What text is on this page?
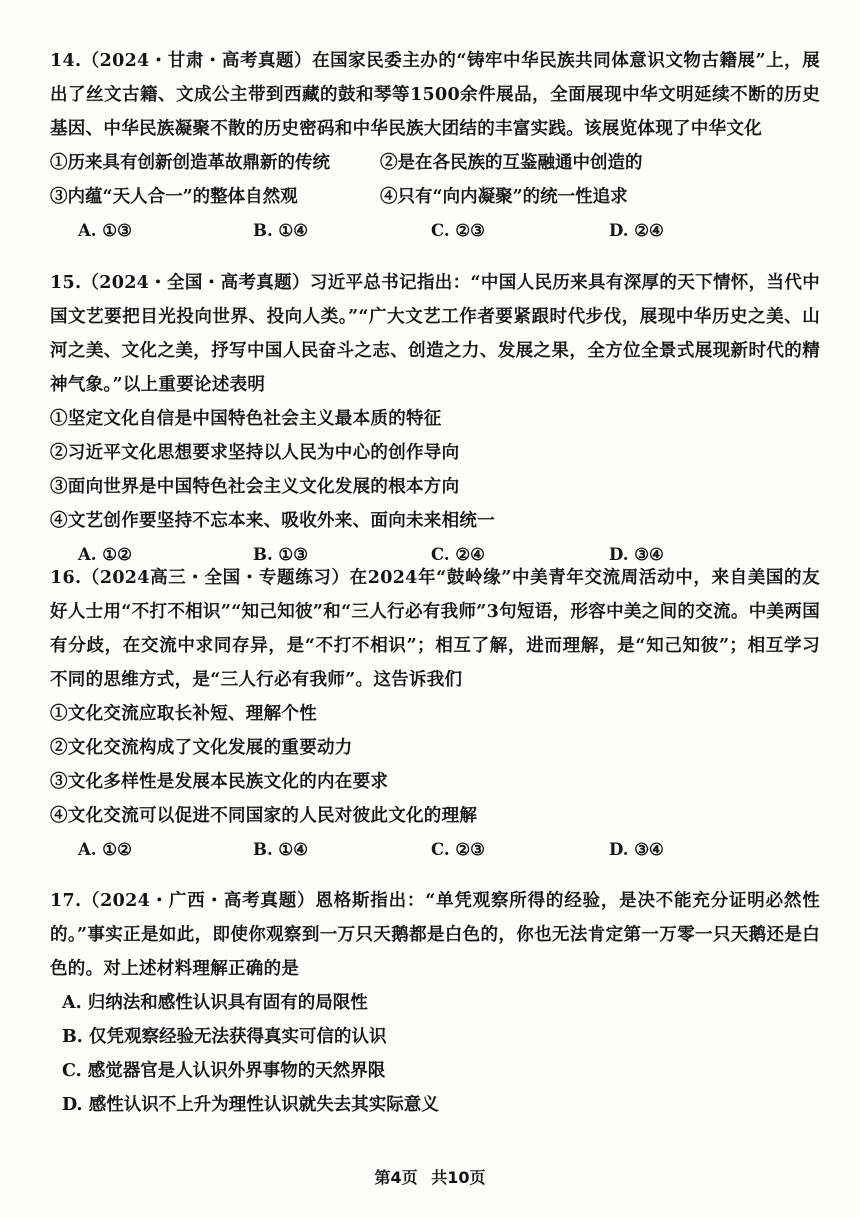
14.（2024・甘肃・高考真题）在国家民委主办的“铸牢中华民族共同体意识文物古籍展”上，展出了丝文古籍、文成公主带到西藏的鼓和琴等1500余件展品，全面展现中华文明延续不断的历史基因、中华民族凝聚不散的历史密码和中华民族大团结的丰富实践。该展览体现了中华文化

①历来具有创新创造革故鼎新的传统	②是在各民族的互鉴融通中创造的
③内蕴“天人合一”的整体自然观	④只有“向内凝聚”的统一性追求
A. ①③	B. ①④	C. ②③	D. ②④

15.（2024・全国・高考真题）习近平总书记指出：“中国人民历来具有深厚的天下情怀，当代中国文艺要把目光投向世界、投向人类。”“广大文艺工作者要紧跟时代步伐，展现中华历史之美、山河之美、文化之美，抒写中国人民奋斗之志、创造之力、发展之果，全方位全景式展现新时代的精神气象。”以上重要论述表明

①坚定文化自信是中国特色社会主义最本质的特征

②习近平文化思想要求坚持以人民为中心的创作导向

③面向世界是中国特色社会主义文化发展的根本方向

④文艺创作要坚持不忘本来、吸收外来、面向未来相统一

A. ①②	B. ①③	C. ②④	D. ③④

16.（2024高三・全国・专题练习）在2024年“鼓岭缘”中美青年交流周活动中，来自美国的友好人士用“不打不相识”“知己知彼”和“三人行必有我师”3句短语，形容中美之间的交流。中美两国有分歧，在交流中求同存异，是“不打不相识”；相互了解，进而理解，是“知己知彼”；相互学习不同的思维方式，是“三人行必有我师”。这告诉我们

①文化交流应取长补短、理解个性

②文化交流构成了文化发展的重要动力

③文化多样性是发展本民族文化的内在要求

④文化交流可以促进不同国家的人民对彼此文化的理解

A. ①②	B. ①④	C. ②③	D. ③④

17.（2024・广西・高考真题）恩格斯指出：“单凭观察所得的经验，是决不能充分证明必然性的。”事实正是如此，即使你观察到一万只天鹅都是白色的，你也无法肯定第一万零一只天鹅还是白色的。对上述材料理解正确的是

A. 归纳法和感性认识具有固有的局限性

B. 仅凭观察经验无法获得真实可信的认识

C. 感觉器官是人认识外界事物的天然界限

D. 感性认识不上升为理性认识就失去其实际意义

第4页 共10页
